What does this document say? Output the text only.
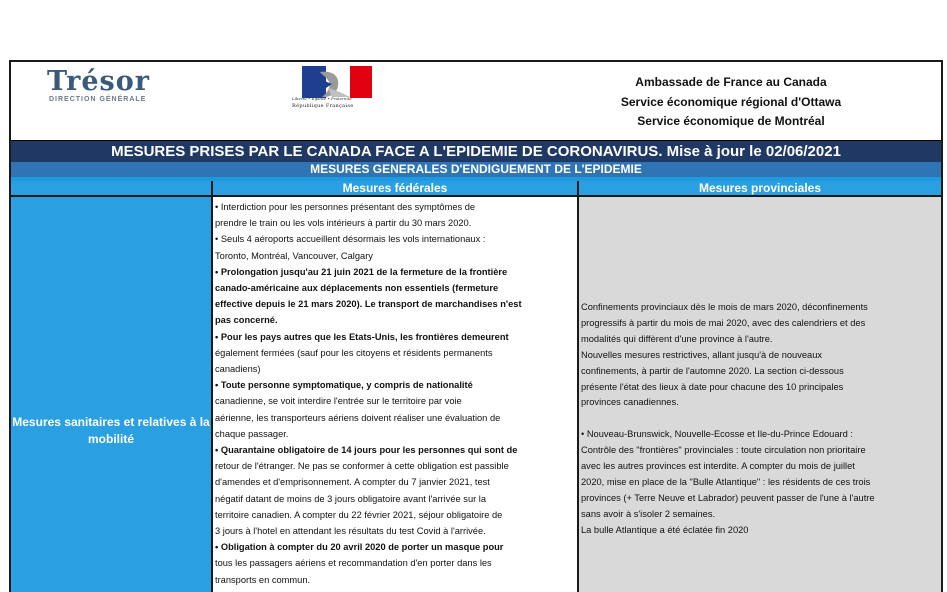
Trésor
DIRECTION GÉNÉRALE	Liberté • Égalité • Fraternité
République Française
Ambassade de France au Canada
Service économique régional d'Ottawa
Service économique de Montréal
MESURES PRISES PAR LE CANADA FACE A L'EPIDEMIE DE CORONAVIRUS. Mise à jour le 02/06/2021
MESURES GENERALES D'ENDIGUEMENT DE L'EPIDEMIE
Mesures fédérales	Mesures provinciales
Mesures sanitaires et relatives à la mobilité
• Interdiction pour les personnes présentant des symptômes de
prendre le train ou les vols intérieurs à partir du 30 mars 2020.
• Seuls 4 aéroports accueillent désormais les vols internationaux :
Toronto, Montréal, Vancouver, Calgary
• Prolongation jusqu'au 21 juin 2021 de la fermeture de la frontière
canado-américaine aux déplacements non essentiels (fermeture
effective depuis le 21 mars 2020). Le transport de marchandises n'est
pas concerné.
• Pour les pays autres que les Etats-Unis, les frontières demeurent
également fermées (sauf pour les citoyens et résidents permanents
canadiens)
• Toute personne symptomatique, y compris de nationalité
canadienne, se voit interdire l'entrée sur le territoire par voie
aérienne, les transporteurs aériens doivent réaliser une évaluation de
chaque passager.
• Quarantaine obligatoire de 14 jours pour les personnes qui sont de
retour de l'étranger. Ne pas se conformer à cette obligation est passible
d'amendes et d'emprisonnement. A compter du 7 janvier 2021, test
négatif datant de moins de 3 jours obligatoire avant l'arrivée sur la
territoire canadien. A compter du 22 février 2021, séjour obligatoire de
3 jours à l'hotel en attendant les résultats du test Covid à l'arrivée.
• Obligation à compter du 20 avril 2020 de porter un masque pour
tous les passagers aériens et recommandation d'en porter dans les
transports en commun.
Confinements provinciaux dès le mois de mars 2020, déconfinements
progressifs à partir du mois de mai 2020, avec des calendriers et des
modalités qui diffèrent d'une province à l'autre.
Nouvelles mesures restrictives, allant jusqu'à de nouveaux
confinements, à partir de l'automne 2020. La section ci-dessous
présente l'état des lieux à date pour chacune des 10 principales
provinces canadiennes.

• Nouveau-Brunswick, Nouvelle-Ecosse et Ile-du-Prince Edouard :
Contrôle des "frontières" provinciales : toute circulation non prioritaire
avec les autres provinces est interdite. A compter du mois de juillet
2020, mise en place de la "Bulle Atlantique" : les résidents de ces trois
provinces (+ Terre Neuve et Labrador) peuvent passer de l'une à l'autre
sans avoir à s'isoler 2 semaines.
La bulle Atlantique a été éclatée fin 2020
